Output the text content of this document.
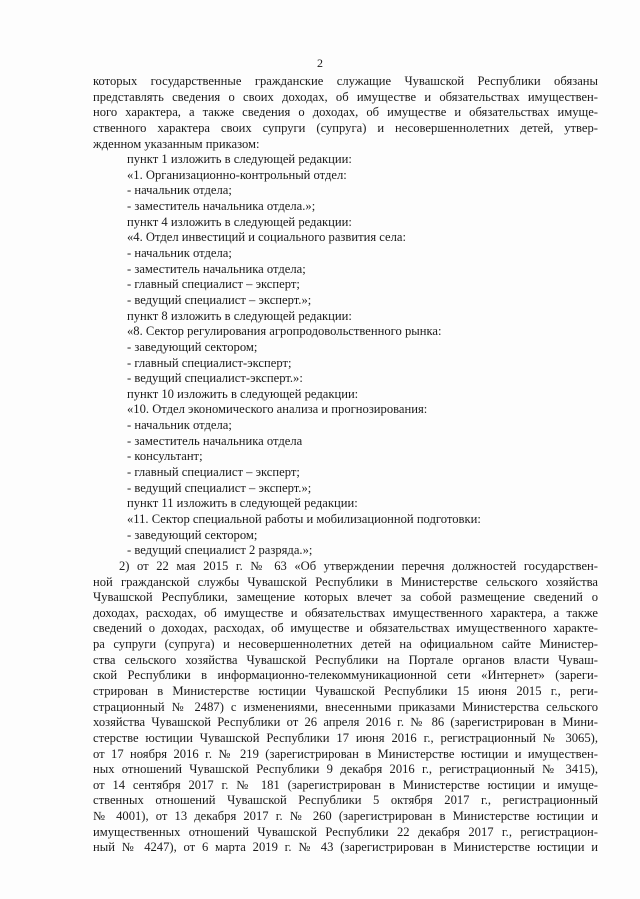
2
которых государственные гражданские служащие Чувашской Республики обязаны
представлять сведения о своих доходах, об имуществе и обязательствах имуществен-
ного характера, а также сведения о доходах, об имуществе и обязательствах имуще-
ственного характера своих супруги (супруга) и несовершеннолетних детей, утвер-
жденном указанным приказом:
пункт 1 изложить в следующей редакции:
«1. Организационно-контрольный отдел:
- начальник отдела;
- заместитель начальника отдела.»;
пункт 4 изложить в следующей редакции:
«4. Отдел инвестиций и социального развития села:
- начальник отдела;
- заместитель начальника отдела;
- главный специалист – эксперт;
- ведущий специалист – эксперт.»;
пункт 8 изложить в следующей редакции:
«8. Сектор регулирования агропродовольственного рынка:
- заведующий сектором;
- главный специалист-эксперт;
- ведущий специалист-эксперт.»:
пункт 10 изложить в следующей редакции:
«10. Отдел экономического анализа и прогнозирования:
- начальник отдела;
- заместитель начальника отдела
- консультант;
- главный специалист – эксперт;
- ведущий специалист – эксперт.»;
пункт 11 изложить в следующей редакции:
«11. Сектор специальной работы и мобилизационной подготовки:
- заведующий сектором;
- ведущий специалист 2 разряда.»;
2) от 22 мая 2015 г. № 63 «Об утверждении перечня должностей государствен-
ной гражданской службы Чувашской Республики в Министерстве сельского хозяйства
Чувашской Республики, замещение которых влечет за собой размещение сведений о
доходах, расходах, об имуществе и обязательствах имущественного характера, а также
сведений о доходах, расходах, об имуществе и обязательствах имущественного характе-
ра супруги (супруга) и несовершеннолетних детей на официальном сайте Министер-
ства сельского хозяйства Чувашской Республики на Портале органов власти Чуваш-
ской Республики в информационно-телекоммуникационной сети «Интернет» (зареги-
стрирован в Министерстве юстиции Чувашской Республики 15 июня 2015 г., реги-
страционный № 2487) с изменениями, внесенными приказами Министерства сельского
хозяйства Чувашской Республики от 26 апреля 2016 г. № 86 (зарегистрирован в Мини-
стерстве юстиции Чувашской Республики 17 июня 2016 г., регистрационный № 3065),
от 17 ноября 2016 г. № 219 (зарегистрирован в Министерстве юстиции и имуществен-
ных отношений Чувашской Республики 9 декабря 2016 г., регистрационный № 3415),
от 14 сентября 2017 г. № 181 (зарегистрирован в Министерстве юстиции и имуще-
ственных отношений Чувашской Республики 5 октября 2017 г., регистрационный
№ 4001), от 13 декабря 2017 г. № 260 (зарегистрирован в Министерстве юстиции и
имущественных отношений Чувашской Республики 22 декабря 2017 г., регистрацион-
ный № 4247), от 6 марта 2019 г. № 43 (зарегистрирован в Министерстве юстиции и
